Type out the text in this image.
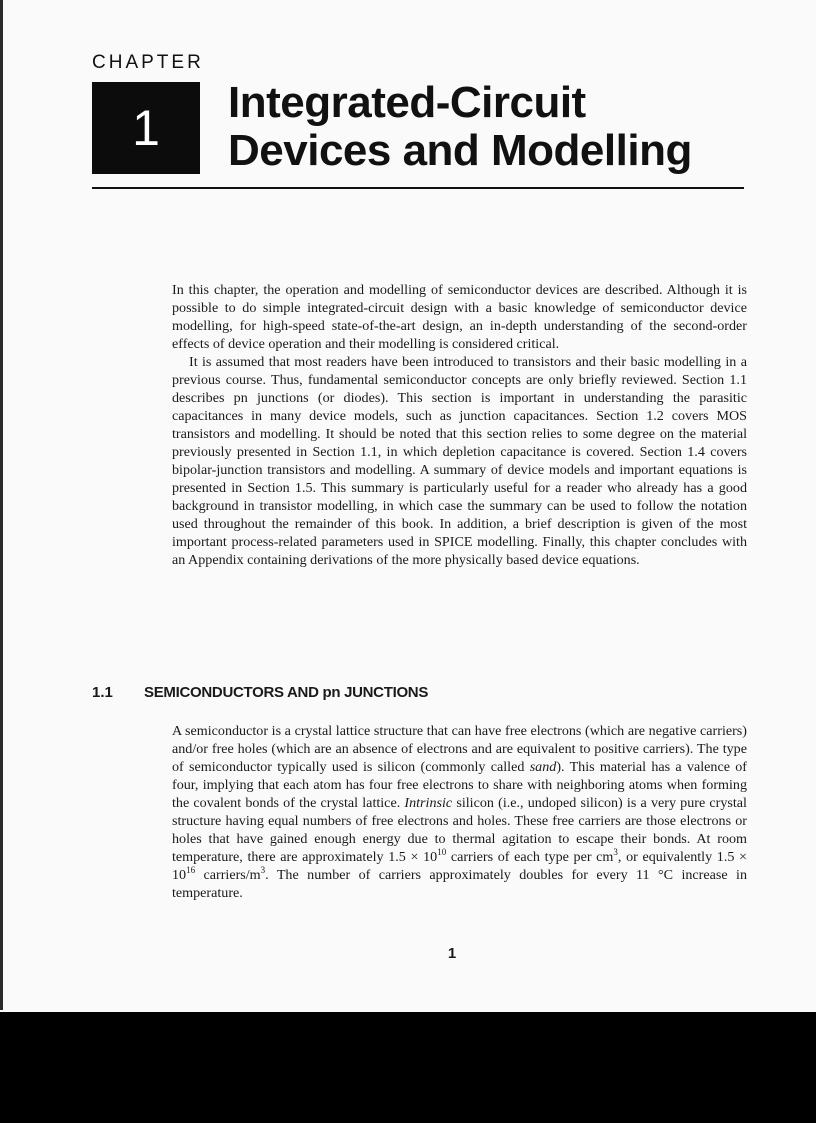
CHAPTER
1	Integrated-Circuit
Devices and Modelling

In this chapter, the operation and modelling of semiconductor devices are described. Although it is possible to do simple integrated-circuit design with a basic knowledge of semiconductor device modelling, for high-speed state-of-the-art design, an in-depth understanding of the second-order effects of device operation and their modelling is considered critical.

It is assumed that most readers have been introduced to transistors and their basic modelling in a previous course. Thus, fundamental semiconductor concepts are only briefly reviewed. Section 1.1 describes pn junctions (or diodes). This section is important in understanding the parasitic capacitances in many device models, such as junction capacitances. Section 1.2 covers MOS transistors and modelling. It should be noted that this section relies to some degree on the material previously presented in Section 1.1, in which depletion capacitance is covered. Section 1.4 covers bipolar-junction transistors and modelling. A summary of device models and important equations is presented in Section 1.5. This summary is particularly useful for a reader who already has a good background in transistor modelling, in which case the summary can be used to follow the notation used throughout the remainder of this book. In addition, a brief description is given of the most important process-related parameters used in SPICE modelling. Finally, this chapter concludes with an Appendix containing derivations of the more physically based device equations.

1.1 SEMICONDUCTORS AND pn JUNCTIONS

A semiconductor is a crystal lattice structure that can have free electrons (which are negative carriers) and/or free holes (which are an absence of electrons and are equivalent to positive carriers). The type of semiconductor typically used is silicon (commonly called sand). This material has a valence of four, implying that each atom has four free electrons to share with neighboring atoms when forming the covalent bonds of the crystal lattice. Intrinsic silicon (i.e., undoped silicon) is a very pure crystal structure having equal numbers of free electrons and holes. These free carriers are those electrons or holes that have gained enough energy due to thermal agitation to escape their bonds. At room temperature, there are approximately $1.5 \times 10^{10}$ carriers of each type per $cm^3$, or equivalently $1.5 \times 10^{16}$ carriers/$m^3$. The number of carriers approximately doubles for every 11 °C increase in temperature.

1
